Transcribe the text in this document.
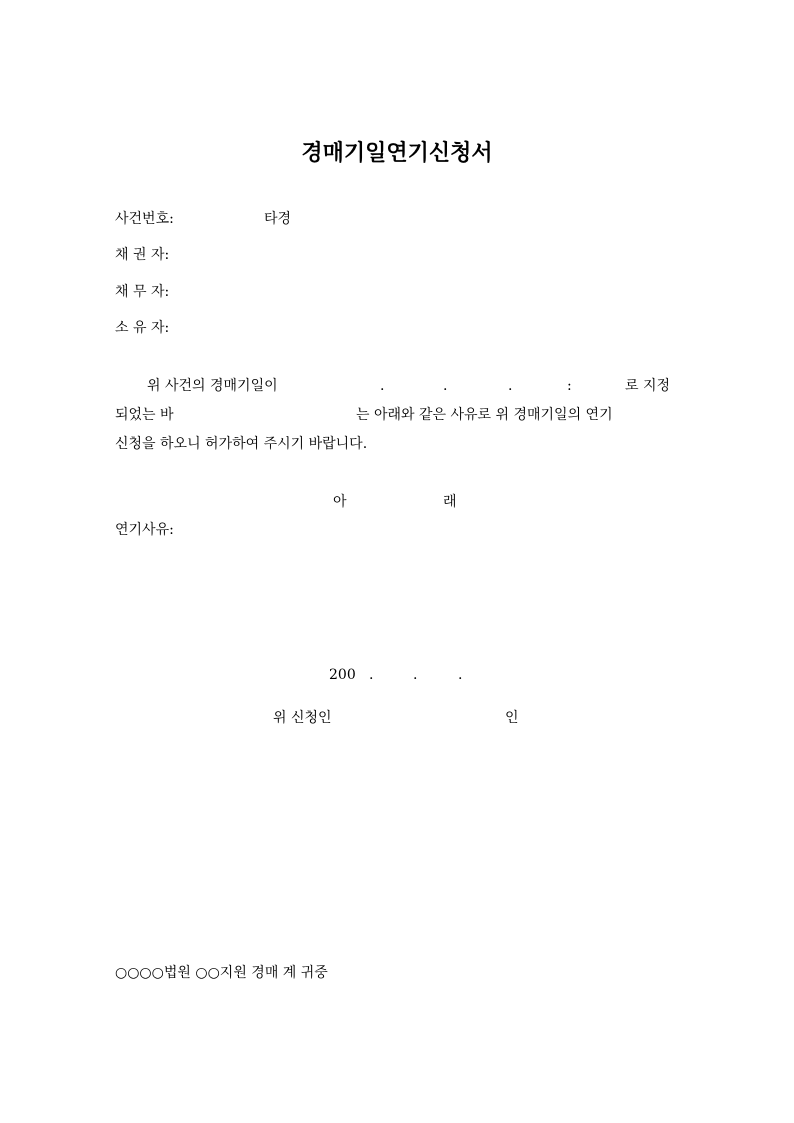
경매기일연기신청서
사건번호:	타경
채 권 자:
채 무 자:
소 유 자:
위 사건의 경매기일이	.	.	.	:	로 지정
되었는 바	는 아래와 같은 사유로 위 경매기일의 연기
신청을 하오니 허가하여 주시기 바랍니다.
아	래
연기사유:
200 .	.	.
위 신청인	인
○○○○법원 ○○지원 경매 계 귀중
